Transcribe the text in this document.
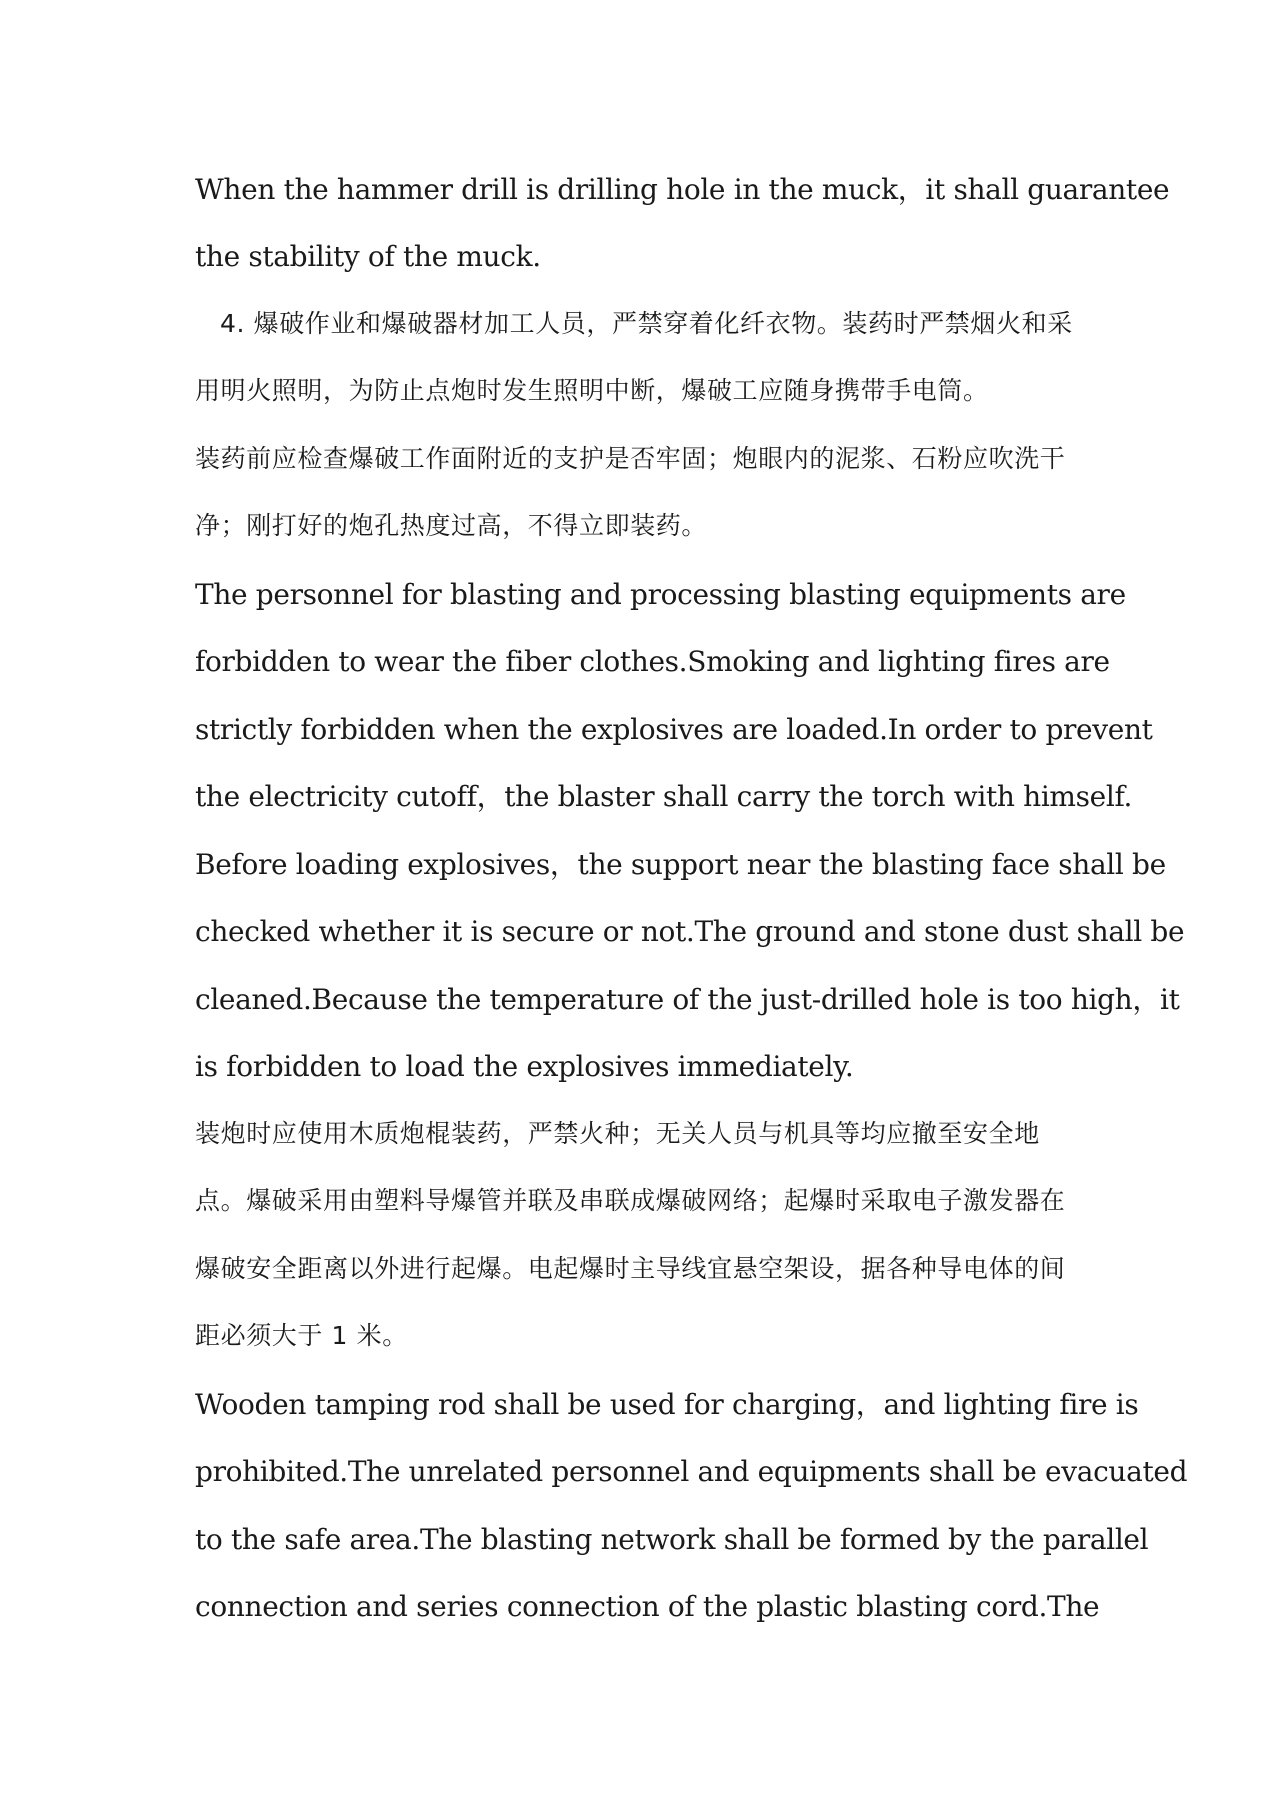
When the hammer drill is drilling hole in the muck，it shall guarantee
the stability of the muck.
4. 爆破作业和爆破器材加工人员，严禁穿着化纤衣物。装药时严禁烟火和采
用明火照明，为防止点炮时发生照明中断，爆破工应随身携带手电筒。
装药前应检查爆破工作面附近的支护是否牢固；炮眼内的泥浆、石粉应吹洗干
净；刚打好的炮孔热度过高，不得立即装药。
The personnel for blasting and processing blasting equipments are
forbidden to wear the fiber clothes.Smoking and lighting fires are
strictly forbidden when the explosives are loaded.In order to prevent
the electricity cutoff，the blaster shall carry the torch with himself.
Before loading explosives，the support near the blasting face shall be
checked whether it is secure or not.The ground and stone dust shall be
cleaned.Because the temperature of the just-drilled hole is too high，it
is forbidden to load the explosives immediately.
装炮时应使用木质炮棍装药，严禁火种；无关人员与机具等均应撤至安全地
点。爆破采用由塑料导爆管并联及串联成爆破网络；起爆时采取电子激发器在
爆破安全距离以外进行起爆。电起爆时主导线宜悬空架设，据各种导电体的间
距必须大于 1 米。
Wooden tamping rod shall be used for charging，and lighting fire is
prohibited.The unrelated personnel and equipments shall be evacuated
to the safe area.The blasting network shall be formed by the parallel
connection and series connection of the plastic blasting cord.The
